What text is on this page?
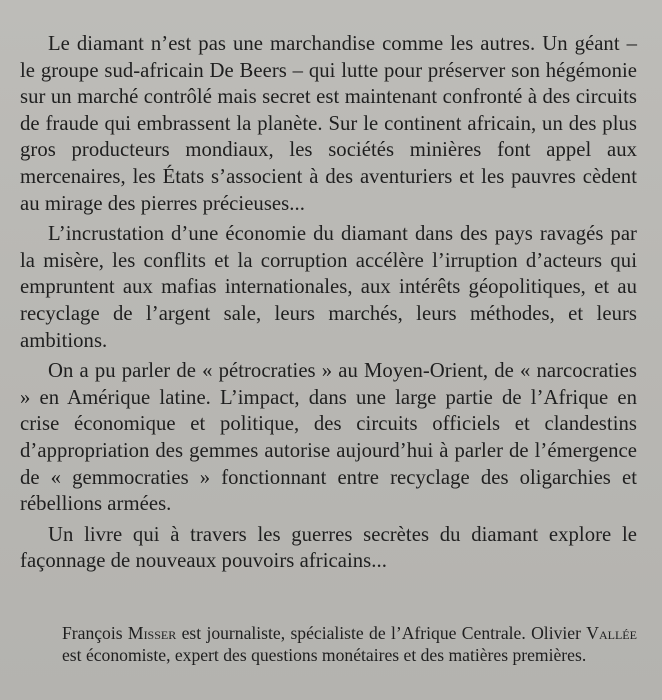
Le diamant n’est pas une marchandise comme les autres. Un géant – le groupe sud-africain De Beers – qui lutte pour préserver son hégémonie sur un marché contrôlé mais secret est maintenant confronté à des circuits de fraude qui embrassent la planète. Sur le continent africain, un des plus gros producteurs mondiaux, les sociétés minières font appel aux mercenaires, les États s’associent à des aventuriers et les pauvres cèdent au mirage des pierres précieuses...

L’incrustation d’une économie du diamant dans des pays ravagés par la misère, les conflits et la corruption accélère l’irruption d’acteurs qui empruntent aux mafias internationales, aux intérêts géopolitiques, et au recyclage de l’argent sale, leurs marchés, leurs méthodes, et leurs ambitions.

On a pu parler de « pétrocraties » au Moyen-Orient, de « narcocraties » en Amérique latine. L’impact, dans une large partie de l’Afrique en crise économique et politique, des circuits officiels et clandestins d’appropriation des gemmes autorise aujourd’hui à parler de l’émergence de « gemmocraties » fonctionnant entre recyclage des oligarchies et rébellions armées.

Un livre qui à travers les guerres secrètes du diamant explore le façonnage de nouveaux pouvoirs africains...

François Misser est journaliste, spécialiste de l’Afrique Centrale. Olivier Vallée est économiste, expert des questions monétaires et des matières premières.
